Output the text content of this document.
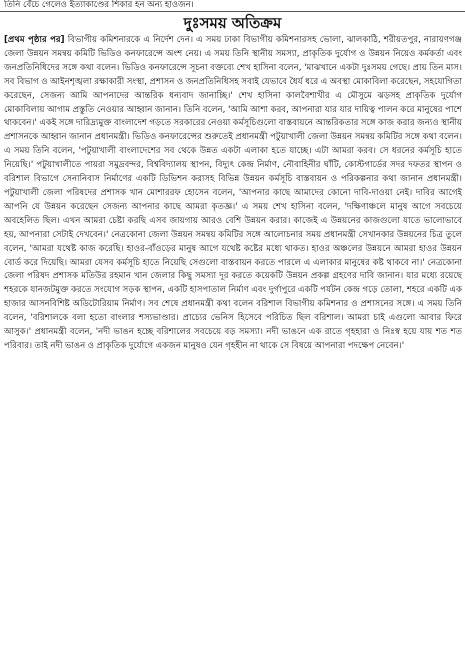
তিনি বেঁচে গেলেও ইত্যাকাণ্ডের শিকার হন অন্য হাওজন।
দুঃসময় অতিক্রম

[প্রথম পৃষ্ঠার পর] বিভাগীয় কমিশনারকে এ নির্দেশ দেন। এ সময় ঢাকা বিভাগীয় কমিশনারসহ ভোলা, ঝালকাঠি, শরীয়তপুর, নারায়ণগঞ্জ জেলা উন্নয়ন সমন্বয় কমিটি ভিডিও কনফারেন্সে অংশ নেয়। এ সময় তিনি স্থানীয় সমস্যা, প্রাকৃতিক দুর্যোগ ও উন্নয়ন নিয়েও কর্মকর্তা এবং জনপ্রতিনিধিদের সঙ্গে কথা বলেন। ভিডিও কনফারেন্সে সূচনা বক্তব্যে শেখ হাসিনা বলেন, 'মাঝখানে একটা দুঃসময় গেছে। প্রায় তিন মাস। সব বিভাগ ও আইনশৃঙ্খলা রক্ষাকারী সংস্থা, প্রশাসন ও জনপ্রতিনিধিসহ সবাই যেভাবে ধৈর্য ধরে এ অবস্থা মোকাবিলা করেছেন, সহযোগিতা করেছেন, সেজন্য আমি আপনাদের আন্তরিক ধন্যবাদ জানাচ্ছি।' শেখ হাসিনা কালবৈশাখীর এ মৌসুমে ঝড়সহ প্রাকৃতিক দুর্যোগ মোকাবিলায় আগাম প্রস্তুতি নেওয়ার আহ্বান জানান। তিনি বলেন, 'আমি আশা করব, আপনারা যার যার দায়িত্ব পালন করে মানুষের পাশে থাকবেন।' একই সঙ্গে দারিদ্র্যমুক্ত বাংলাদেশ গড়তে সরকারের নেওয়া কর্মসূচিগুলো বাস্তবায়নে আন্তরিকতার সঙ্গে কাজ করার জন্যও স্থানীয় প্রশাসনকে আহ্বান জানান প্রধানমন্ত্রী। ভিডিও কনফারেন্সের শুরুতেই প্রধানমন্ত্রী পটুয়াখালী জেলা উন্নয়ন সমন্বয় কমিটির সঙ্গে কথা বলেন। এ সময় তিনি বলেন, 'পটুয়াখালী বাংলাদেশের সব থেকে উন্নত একটা এলাকা হতে যাচ্ছে। এটা আমরা করব। সে ধরনের কর্মসূচি হাতে নিয়েছি।' পটুয়াখালীতে পায়রা সমুদ্রবন্দর, বিশ্ববিদ্যালয় স্থাপন, বিদ্যুৎ কেন্দ্র নির্মাণ, নৌবাহিনীর ঘাঁটি, কোস্টগার্ডের সদর দফতর স্থাপন ও বরিশাল বিভাগে সেনানিবাস নির্মাণের একটি ডিভিশন করাসহ বিভিন্ন উন্নয়ন কর্মসূচি বাস্তবায়ন ও পরিকল্পনার কথা জানান প্রধানমন্ত্রী। পটুয়াখালী জেলা পরিষদের প্রশাসক খান মোশাররফ হোসেন বলেন, 'আপনার কাছে আমাদের কোনো দাবি-দাওয়া নেই। দাবির আগেই আপনি যে উন্নয়ন করেছেন সেজন্য আপনার কাছে আমরা কৃতজ্ঞ।' এ সময় শেখ হাসিনা বলেন, 'দক্ষিণাঞ্চলে মানুষ আগে সবচেয়ে অবহেলিত ছিল। এখন আমরা চেষ্টা করছি এসব জায়গায় আরও বেশি উন্নয়ন করার। কাজেই এ উন্নয়নের কাজগুলো যাতে ভালোভাবে হয়, আপনারা সেটাই দেখবেন।' নেত্রকোনা জেলা উন্নয়ন সমন্বয় কমিটির সঙ্গে আলোচনার সময় প্রধানমন্ত্রী সেখানকার উন্নয়নের চিত্র তুলে বলেন, 'আমরা যথেষ্ট কাজ করেছি। হাওর-বাঁওড়ের মানুষ আগে যথেষ্ট কষ্টের মধ্যে থাকত। হাওর অঞ্চলের উন্নয়নে আমরা হাওর উন্নয়ন বোর্ড করে দিয়েছি। আমরা যেসব কর্মসূচি হাতে নিয়েছি সেগুলো বাস্তবায়ন করতে পারলে এ এলাকার মানুষের কষ্ট থাকবে না।' নেত্রকোনা জেলা পরিষদ প্রশাসক মতিউর রহমান খান জেলার কিছু সমস্যা দূর করতে কয়েকটি উন্নয়ন প্রকল্প গ্রহণের দাবি জানান। যার মধ্যে রয়েছে শহরকে যানজটমুক্ত করতে সংযোগ সড়ক স্থাপন, একটি হাসপাতাল নির্মাণ এবং দুর্গাপুরে একটি পর্যটন কেন্দ্র গড়ে তোলা, শহরে একটি এক হাজার আসনবিশিষ্ট অডিটোরিয়াম নির্মাণ। সব শেষে প্রধানমন্ত্রী কথা বলেন বরিশাল বিভাগীয় কমিশনার ও প্রশাসনের সঙ্গে। এ সময় তিনি বলেন, 'বরিশালকে বলা হতো বাংলার শস্যভাণ্ডার। প্রাচ্যের ভেনিস হিসেবে পরিচিত ছিল বরিশাল। আমরা চাই এগুলো আবার ফিরে আসুক।' প্রধানমন্ত্রী বলেন, 'নদী ভাঙন হচ্ছে বরিশালের সবচেয়ে বড় সমস্যা। নদী ভাঙনে এক রাতে গৃহহারা ও নিঃস্ব হয়ে যায় শত শত পরিবার। তাই নদী ভাঙন ও প্রাকৃতিক দুর্যোগে একজন মানুষও যেন গৃহহীন না থাকে সে বিষয়ে আপনারা পদক্ষেপ নেবেন।'
